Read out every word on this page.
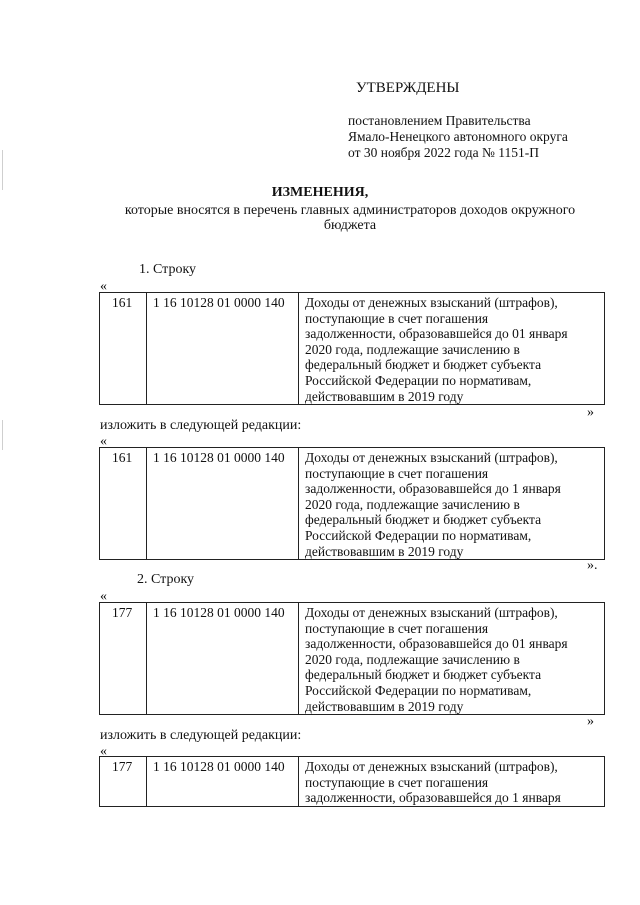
УТВЕРЖДЕНЫ
постановлением Правительства
Ямало-Ненецкого автономного округа
от 30 ноября 2022 года № 1151-П
ИЗМЕНЕНИЯ,
которые вносятся в перечень главных администраторов доходов окружного бюджета
1. Строку
«
161	1 16 10128 01 0000 140	Доходы от денежных взысканий (штрафов),
поступающие в счет погашения
задолженности, образовавшейся до 01 января
2020 года, подлежащие зачислению в
федеральный бюджет и бюджет субъекта
Российской Федерации по нормативам,
действовавшим в 2019 году
»
изложить в следующей редакции:
«
161	1 16 10128 01 0000 140	Доходы от денежных взысканий (штрафов),
поступающие в счет погашения
задолженности, образовавшейся до 1 января
2020 года, подлежащие зачислению в
федеральный бюджет и бюджет субъекта
Российской Федерации по нормативам,
действовавшим в 2019 году
».
2. Строку
«
177	1 16 10128 01 0000 140	Доходы от денежных взысканий (штрафов),
поступающие в счет погашения
задолженности, образовавшейся до 01 января
2020 года, подлежащие зачислению в
федеральный бюджет и бюджет субъекта
Российской Федерации по нормативам,
действовавшим в 2019 году
»
изложить в следующей редакции:
«
177	1 16 10128 01 0000 140	Доходы от денежных взысканий (штрафов),
поступающие в счет погашения
задолженности, образовавшейся до 1 января
